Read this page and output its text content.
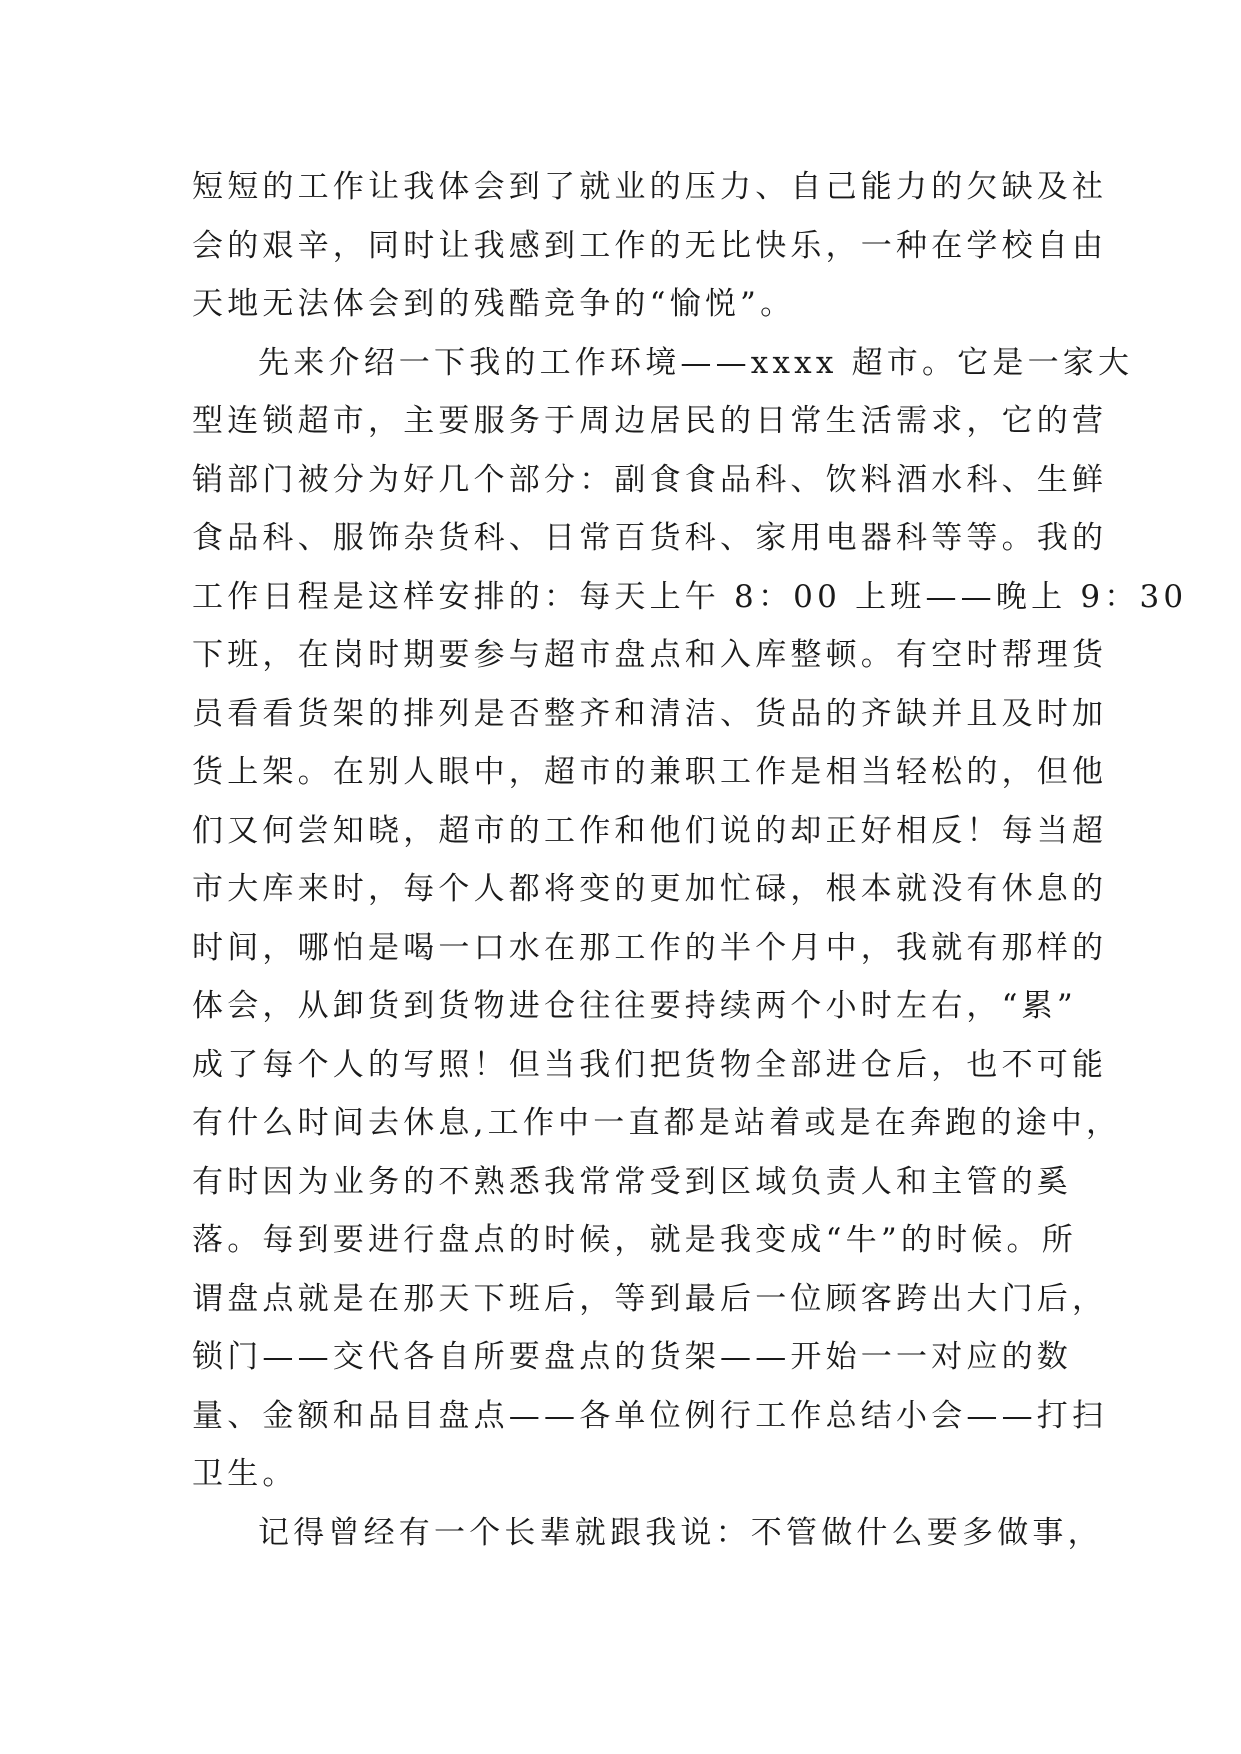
短短的工作让我体会到了就业的压力、自己能力的欠缺及社
会的艰辛，同时让我感到工作的无比快乐，一种在学校自由
天地无法体会到的残酷竞争的“愉悦”。
先来介绍一下我的工作环境——xxxx 超市。它是一家大
型连锁超市，主要服务于周边居民的日常生活需求，它的营
销部门被分为好几个部分：副食食品科、饮料酒水科、生鲜
食品科、服饰杂货科、日常百货科、家用电器科等等。我的
工作日程是这样安排的：每天上午 8：00 上班——晚上 9：30
下班，在岗时期要参与超市盘点和入库整顿。有空时帮理货
员看看货架的排列是否整齐和清洁、货品的齐缺并且及时加
货上架。在别人眼中，超市的兼职工作是相当轻松的，但他
们又何尝知晓，超市的工作和他们说的却正好相反！每当超
市大库来时，每个人都将变的更加忙碌，根本就没有休息的
时间，哪怕是喝一口水在那工作的半个月中，我就有那样的
体会，从卸货到货物进仓往往要持续两个小时左右，“累”
成了每个人的写照！但当我们把货物全部进仓后，也不可能
有什么时间去休息,工作中一直都是站着或是在奔跑的途中，
有时因为业务的不熟悉我常常受到区域负责人和主管的奚
落。每到要进行盘点的时候，就是我变成“牛”的时候。所
谓盘点就是在那天下班后，等到最后一位顾客跨出大门后，
锁门——交代各自所要盘点的货架——开始一一对应的数
量、金额和品目盘点——各单位例行工作总结小会——打扫
卫生。
记得曾经有一个长辈就跟我说：不管做什么要多做事，
